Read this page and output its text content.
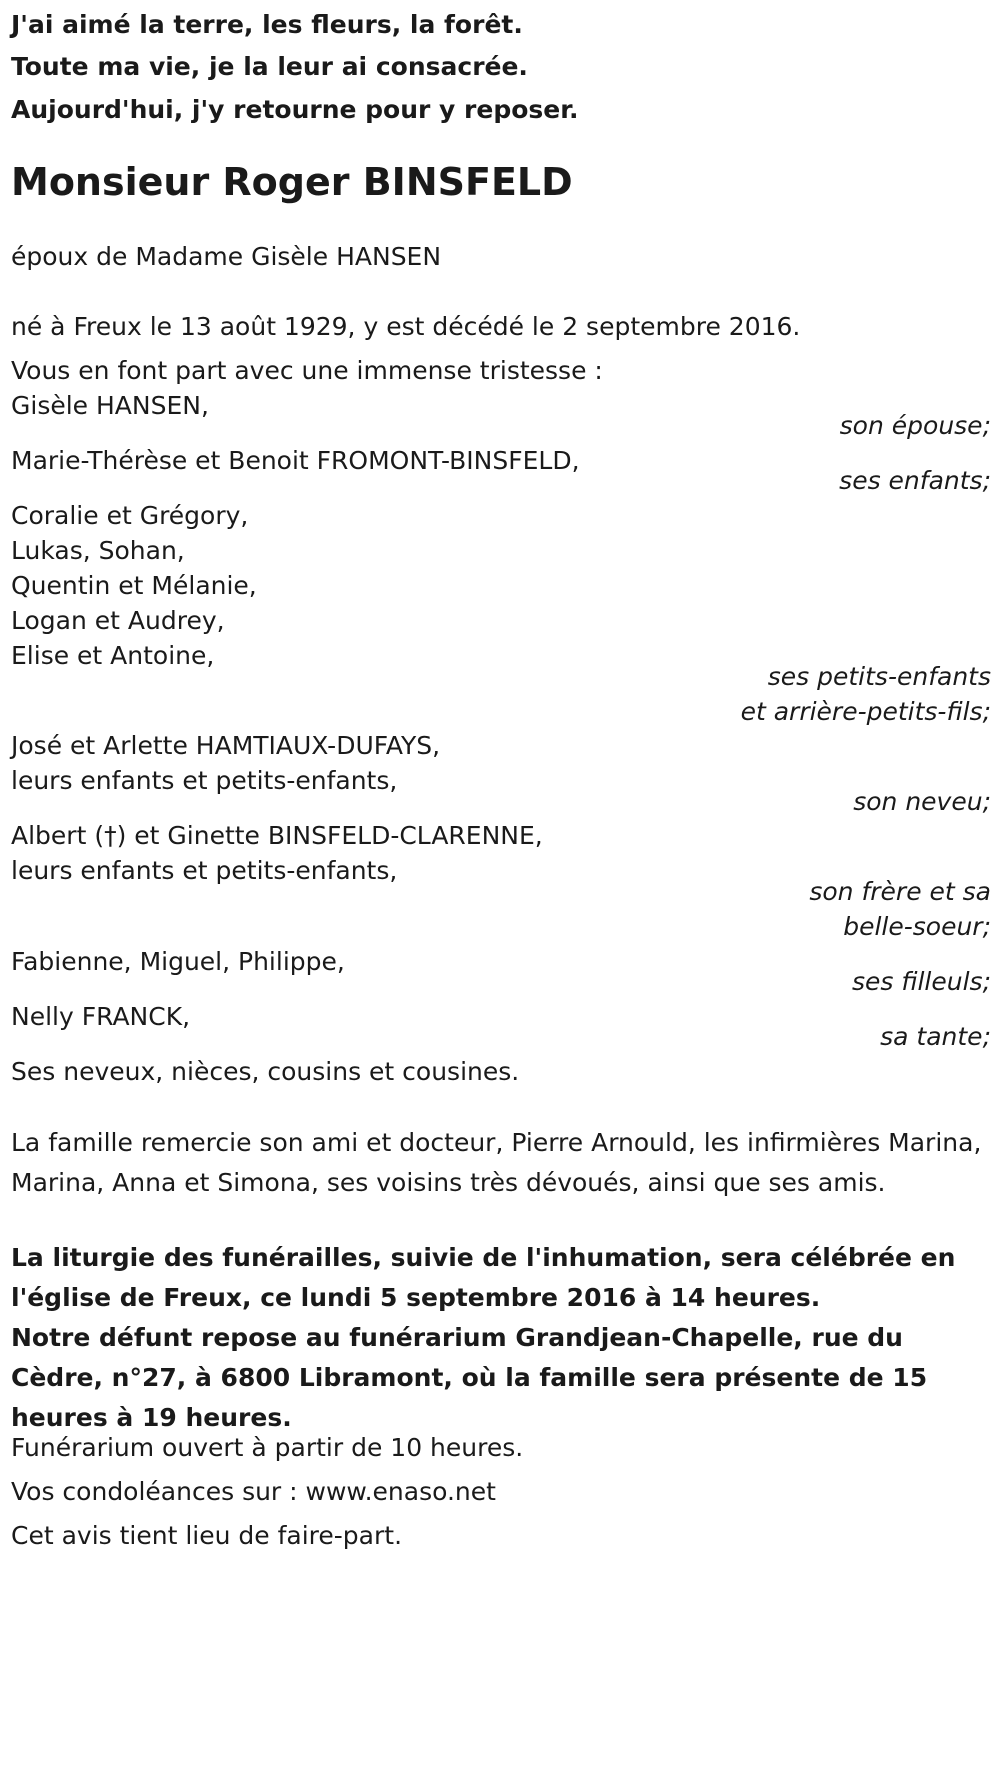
J'ai aimé la terre, les fleurs, la forêt.
Toute ma vie, je la leur ai consacrée.
Aujourd'hui, j'y retourne pour y reposer.
Monsieur Roger BINSFELD
époux de Madame Gisèle HANSEN
né à Freux le 13 août 1929, y est décédé le 2 septembre 2016.
Vous en font part avec une immense tristesse :
Gisèle HANSEN,
son épouse;
Marie-Thérèse et Benoit FROMONT-BINSFELD,
ses enfants;
Coralie et Grégory,
Lukas, Sohan,
Quentin et Mélanie,
Logan et Audrey,
Elise et Antoine,
ses petits-enfants
et arrière-petits-fils;
José et Arlette HAMTIAUX-DUFAYS,
leurs enfants et petits-enfants,
son neveu;
Albert (†) et Ginette BINSFELD-CLARENNE,
leurs enfants et petits-enfants,
son frère et sa
belle-soeur;
Fabienne, Miguel, Philippe,
ses filleuls;
Nelly FRANCK,
sa tante;
Ses neveux, nièces, cousins et cousines.
La famille remercie son ami et docteur, Pierre Arnould, les infirmières Marina, Marina, Anna et Simona, ses voisins très dévoués, ainsi que ses amis.
La liturgie des funérailles, suivie de l'inhumation, sera célébrée en l'église de Freux, ce lundi 5 septembre 2016 à 14 heures.
Notre défunt repose au funérarium Grandjean-Chapelle, rue du Cèdre, n°27, à 6800 Libramont, où la famille sera présente de 15 heures à 19 heures.
Funérarium ouvert à partir de 10 heures.
Vos condoléances sur : www.enaso.net
Cet avis tient lieu de faire-part.
